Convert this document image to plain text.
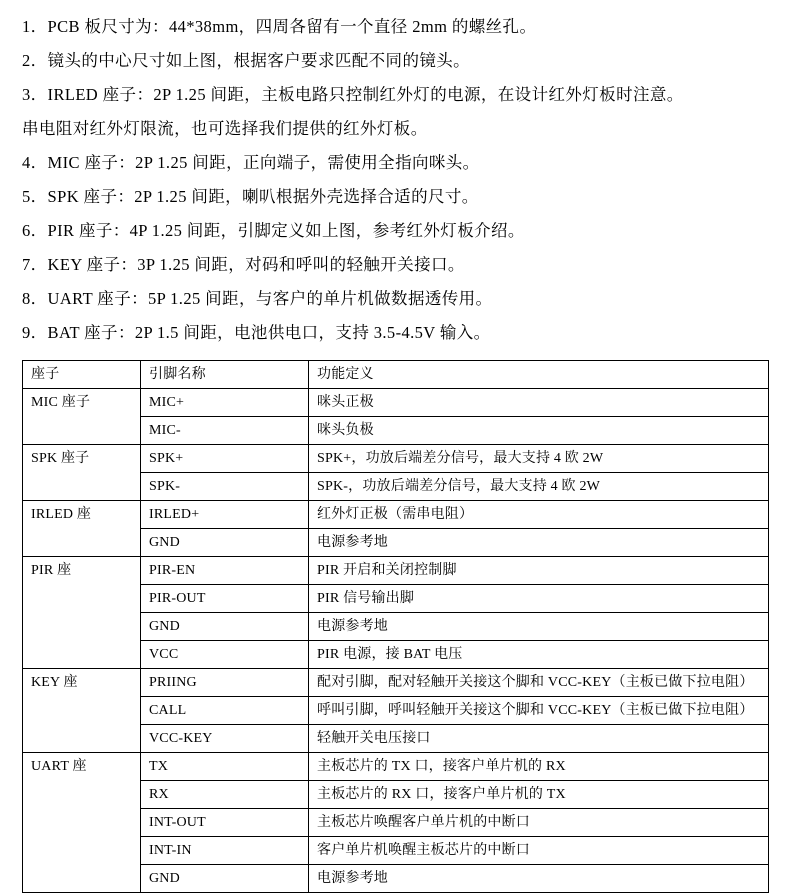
1．PCB 板尺寸为：44*38mm，四周各留有一个直径 2mm 的螺丝孔。

2．镜头的中心尺寸如上图，根据客户要求匹配不同的镜头。

3．IRLED 座子：2P 1.25 间距，主板电路只控制红外灯的电源，在设计红外灯板时注意。

串电阻对红外灯限流，也可选择我们提供的红外灯板。

4．MIC 座子：2P 1.25 间距，正向端子，需使用全指向咪头。

5．SPK 座子：2P 1.25 间距，喇叭根据外壳选择合适的尺寸。

6．PIR 座子：4P 1.25 间距，引脚定义如上图，参考红外灯板介绍。

7．KEY 座子：3P 1.25 间距，对码和呼叫的轻触开关接口。

8．UART 座子：5P 1.25 间距，与客户的单片机做数据透传用。

9．BAT 座子：2P 1.5 间距，电池供电口，支持 3.5-4.5V 输入。

座子	引脚名称	功能定义
MIC 座子	MIC+	咪头正极
	MIC-	咪头负极
SPK 座子	SPK+	SPK+，功放后端差分信号，最大支持 4 欧 2W
	SPK-	SPK-，功放后端差分信号，最大支持 4 欧 2W
IRLED 座	IRLED+	红外灯正极（需串电阻）
	GND	电源参考地
PIR 座	PIR-EN	PIR 开启和关闭控制脚
	PIR-OUT	PIR 信号输出脚
	GND	电源参考地
	VCC	PIR 电源，接 BAT 电压
KEY 座	PRIING	配对引脚，配对轻触开关接这个脚和 VCC-KEY（主板已做下拉电阻）
	CALL	呼叫引脚，呼叫轻触开关接这个脚和 VCC-KEY（主板已做下拉电阻）
	VCC-KEY	轻触开关电压接口
UART 座	TX	主板芯片的 TX 口，接客户单片机的 RX
	RX	主板芯片的 RX 口，接客户单片机的 TX
	INT-OUT	主板芯片唤醒客户单片机的中断口
	INT-IN	客户单片机唤醒主板芯片的中断口
	GND	电源参考地
